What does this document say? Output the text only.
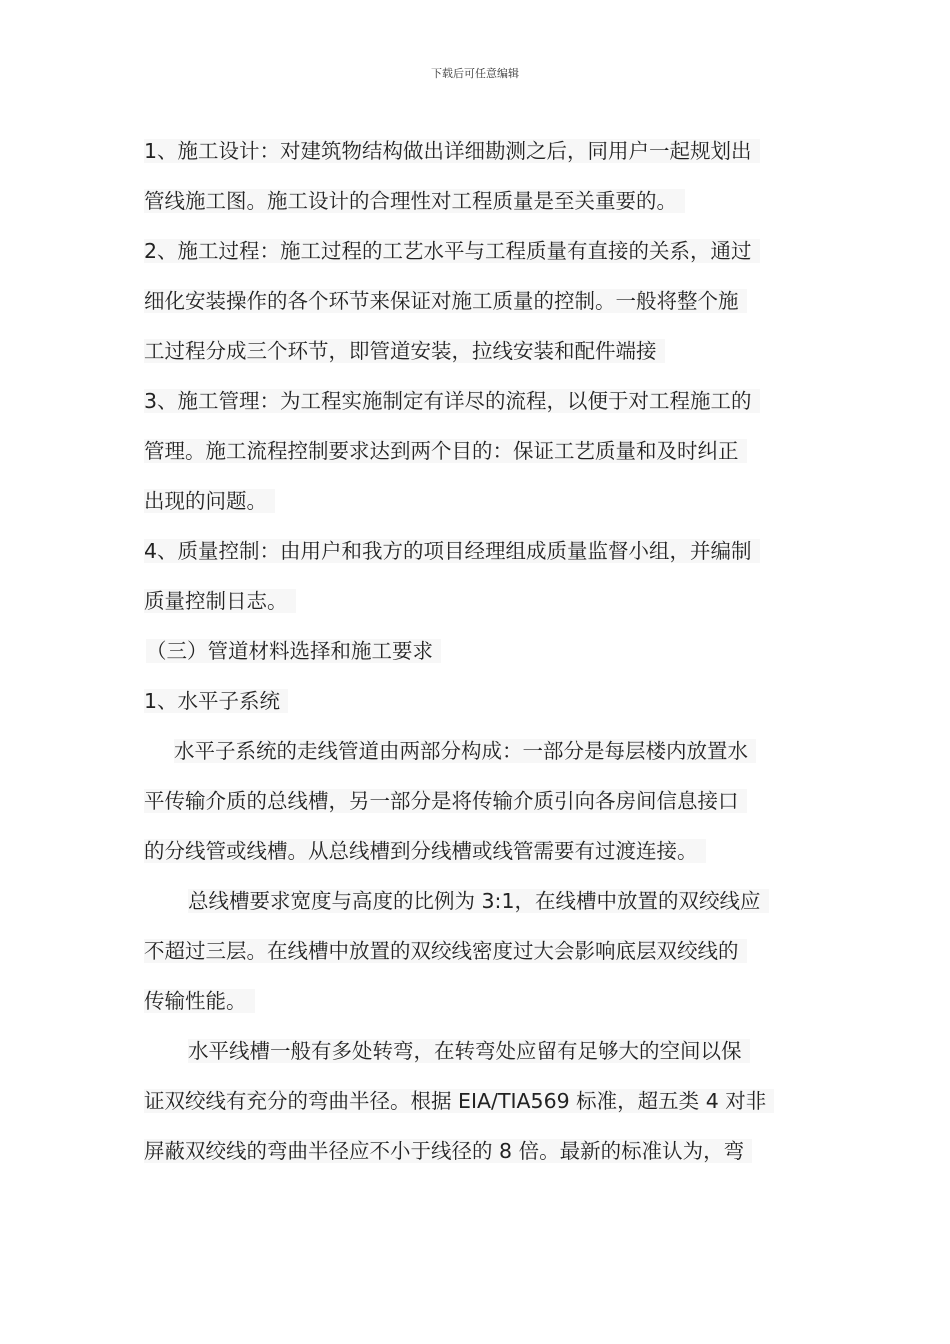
下载后可任意编辑
1、施工设计：对建筑物结构做出详细勘测之后，同用户一起规划出
管线施工图。施工设计的合理性对工程质量是至关重要的。
2、施工过程：施工过程的工艺水平与工程质量有直接的关系，通过
细化安装操作的各个环节来保证对施工质量的控制。一般将整个施
工过程分成三个环节，即管道安装，拉线安装和配件端接
3、施工管理：为工程实施制定有详尽的流程，以便于对工程施工的
管理。施工流程控制要求达到两个目的：保证工艺质量和及时纠正
出现的问题。
4、质量控制：由用户和我方的项目经理组成质量监督小组，并编制
质量控制日志。
（三）管道材料选择和施工要求
1、水平子系统
水平子系统的走线管道由两部分构成：一部分是每层楼内放置水
平传输介质的总线槽，另一部分是将传输介质引向各房间信息接口
的分线管或线槽。从总线槽到分线槽或线管需要有过渡连接。
总线槽要求宽度与高度的比例为 3:1，在线槽中放置的双绞线应
不超过三层。在线槽中放置的双绞线密度过大会影响底层双绞线的
传输性能。
水平线槽一般有多处转弯，在转弯处应留有足够大的空间以保
证双绞线有充分的弯曲半径。根据 EIA/TIA569 标准，超五类 4 对非
屏蔽双绞线的弯曲半径应不小于线径的 8 倍。最新的标准认为，弯
